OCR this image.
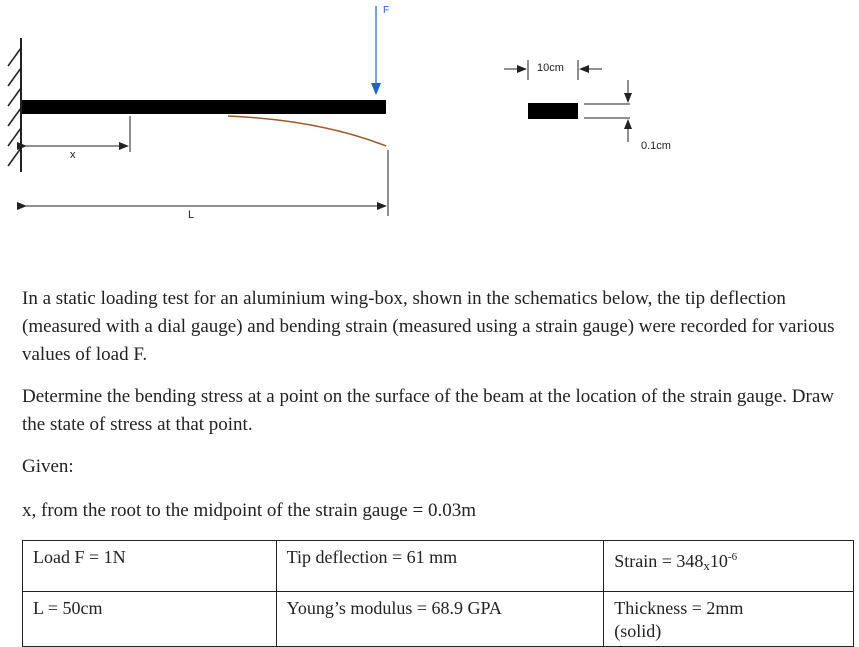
F
x
L
10cm
0.1cm

In a static loading test for an aluminium wing-box, shown in the schematics below, the tip deflection (measured with a dial gauge) and bending strain (measured using a strain gauge) were recorded for various values of load F.

Determine the bending stress at a point on the surface of the beam at the location of the strain gauge. Draw the state of stress at that point.

Given:

x, from the root to the midpoint of the strain gauge = 0.03m

Load F = 1N	Tip deflection = 61 mm	Strain = $348_x10^{-6}$
L = 50cm	Young’s modulus = 68.9 GPA	Thickness = 2mm
(solid)
